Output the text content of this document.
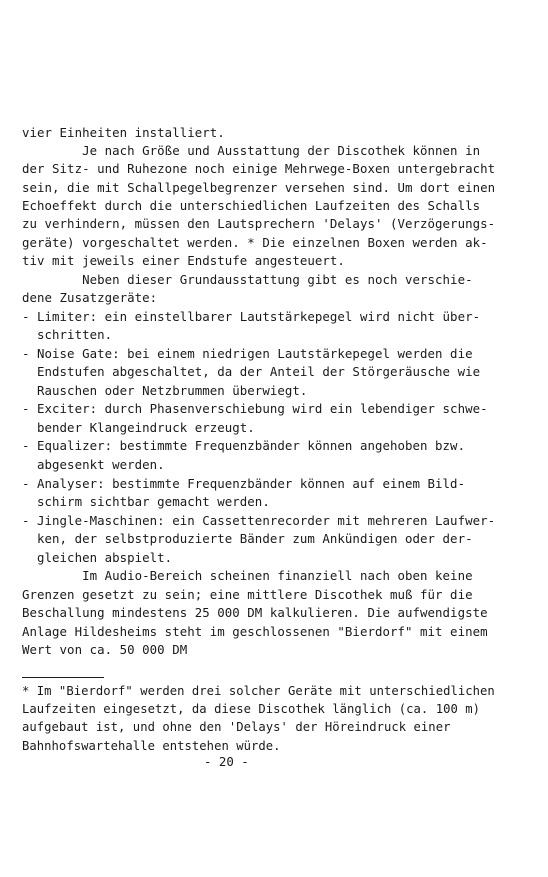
vier Einheiten installiert.
Je nach Größe und Ausstattung der Discothek können in
der Sitz- und Ruhezone noch einige Mehrwege-Boxen untergebracht
sein, die mit Schallpegelbegrenzer versehen sind. Um dort einen
Echoeffekt durch die unterschiedlichen Laufzeiten des Schalls
zu verhindern, müssen den Lautsprechern 'Delays' (Verzögerungs-
geräte) vorgeschaltet werden. * Die einzelnen Boxen werden ak-
tiv mit jeweils einer Endstufe angesteuert.
Neben dieser Grundausstattung gibt es noch verschie-
dene Zusatzgeräte:
- Limiter: ein einstellbarer Lautstärkepegel wird nicht über-
schritten.
- Noise Gate: bei einem niedrigen Lautstärkepegel werden die
Endstufen abgeschaltet, da der Anteil der Störgeräusche wie
Rauschen oder Netzbrummen überwiegt.
- Exciter: durch Phasenverschiebung wird ein lebendiger schwe-
bender Klangeindruck erzeugt.
- Equalizer: bestimmte Frequenzbänder können angehoben bzw.
abgesenkt werden.
- Analyser: bestimmte Frequenzbänder können auf einem Bild-
schirm sichtbar gemacht werden.
- Jingle-Maschinen: ein Cassettenrecorder mit mehreren Laufwer-
ken, der selbstproduzierte Bänder zum Ankündigen oder der-
gleichen abspielt.
Im Audio-Bereich scheinen finanziell nach oben keine
Grenzen gesetzt zu sein; eine mittlere Discothek muß für die
Beschallung mindestens 25 000 DM kalkulieren. Die aufwendigste
Anlage Hildesheims steht im geschlossenen "Bierdorf" mit einem
Wert von ca. 50 000 DM
* Im "Bierdorf" werden drei solcher Geräte mit unterschiedlichen
Laufzeiten eingesetzt, da diese Discothek länglich (ca. 100 m)
aufgebaut ist, und ohne den 'Delays' der Höreindruck einer
Bahnhofswartehalle entstehen würde.
- 20 -
